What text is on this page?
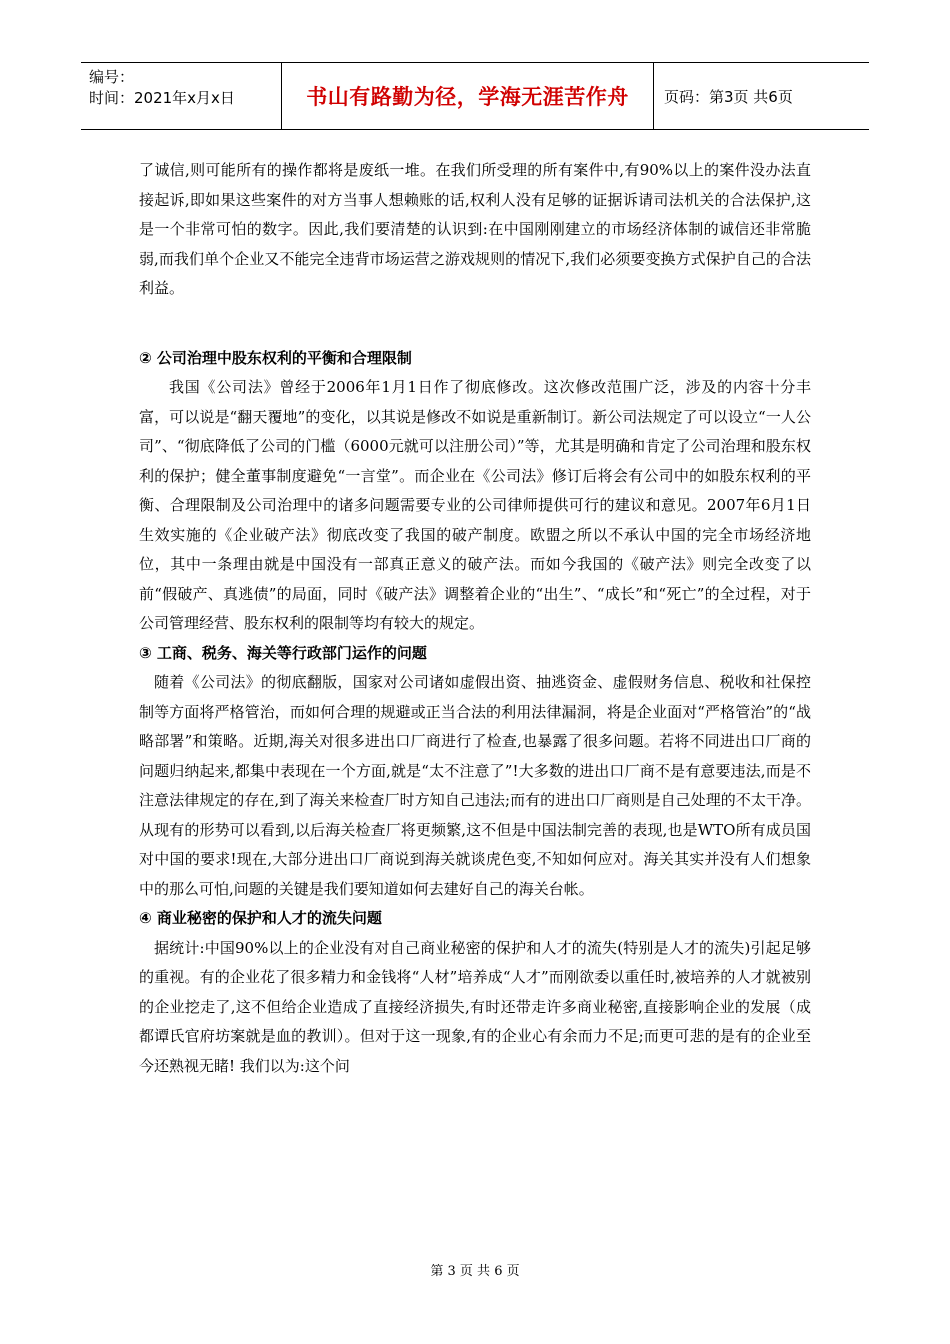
编号：
时间：2021年x月x日	书山有路勤为径，学海无涯苦作舟	页码：第3页 共6页

了诚信,则可能所有的操作都将是废纸一堆。在我们所受理的所有案件中,有90%以上的案件没办法直接起诉,即如果这些案件的对方当事人想赖账的话,权利人没有足够的证据诉请司法机关的合法保护,这是一个非常可怕的数字。因此,我们要清楚的认识到:在中国刚刚建立的市场经济体制的诚信还非常脆弱,而我们单个企业又不能完全违背市场运营之游戏规则的情况下,我们必须要变换方式保护自己的合法利益。

② 公司治理中股东权利的平衡和合理限制

我国《公司法》曾经于2006年1月1日作了彻底修改。这次修改范围广泛，涉及的内容十分丰富，可以说是“翻天覆地”的变化，以其说是修改不如说是重新制订。新公司法规定了可以设立“一人公司”、“彻底降低了公司的门槛（6000元就可以注册公司）”等，尤其是明确和肯定了公司治理和股东权利的保护；健全董事制度避免“一言堂”。而企业在《公司法》修订后将会有公司中的如股东权利的平衡、合理限制及公司治理中的诸多问题需要专业的公司律师提供可行的建议和意见。2007年6月1日生效实施的《企业破产法》彻底改变了我国的破产制度。欧盟之所以不承认中国的完全市场经济地位，其中一条理由就是中国没有一部真正意义的破产法。而如今我国的《破产法》则完全改变了以前“假破产、真逃债”的局面，同时《破产法》调整着企业的“出生”、“成长”和“死亡”的全过程，对于公司管理经营、股东权利的限制等均有较大的规定。

③ 工商、税务、海关等行政部门运作的问题

随着《公司法》的彻底翻版，国家对公司诸如虚假出资、抽逃资金、虚假财务信息、税收和社保控制等方面将严格管治，而如何合理的规避或正当合法的利用法律漏洞，将是企业面对“严格管治”的“战略部署”和策略。近期,海关对很多进出口厂商进行了检查,也暴露了很多问题。若将不同进出口厂商的问题归纳起来,都集中表现在一个方面,就是“太不注意了”!大多数的进出口厂商不是有意要违法,而是不注意法律规定的存在,到了海关来检查厂时方知自己违法;而有的进出口厂商则是自己处理的不太干净。从现有的形势可以看到,以后海关检查厂将更频繁,这不但是中国法制完善的表现,也是WTO所有成员国对中国的要求!现在,大部分进出口厂商说到海关就谈虎色变,不知如何应对。海关其实并没有人们想象中的那么可怕,问题的关键是我们要知道如何去建好自己的海关台帐。

④ 商业秘密的保护和人才的流失问题

据统计:中国90%以上的企业没有对自己商业秘密的保护和人才的流失(特别是人才的流失)引起足够的重视。有的企业花了很多精力和金钱将“人材”培养成“人才”而刚欲委以重任时,被培养的人才就被别的企业挖走了,这不但给企业造成了直接经济损失,有时还带走许多商业秘密,直接影响企业的发展（成都谭氏官府坊案就是血的教训）。但对于这一现象,有的企业心有余而力不足;而更可悲的是有的企业至今还熟视无睹! 我们以为:这个问

第 3 页 共 6 页
